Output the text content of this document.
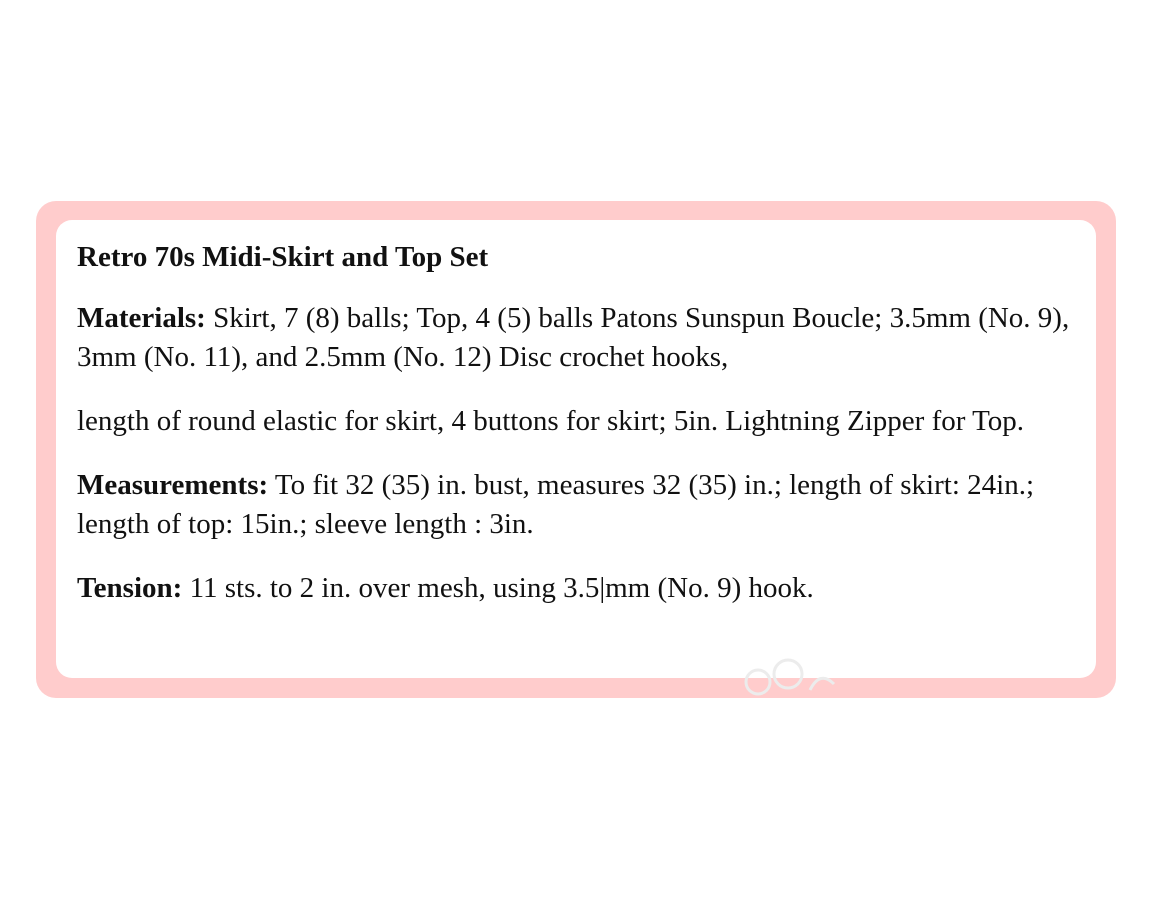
Retro 70s Midi-Skirt and Top Set

Materials: Skirt, 7 (8) balls; Top, 4 (5) balls Patons Sunspun Boucle; 3.5mm (No. 9), 3mm (No. 11), and 2.5mm (No. 12) Disc crochet hooks,

length of round elastic for skirt, 4 buttons for skirt; 5in. Lightning Zipper for Top.

Measurements: To fit 32 (35) in. bust, measures 32 (35) in.; length of skirt: 24in.; length of top: 15in.; sleeve length : 3in.

Tension: 11 sts. to 2 in. over mesh, using 3.5|mm (No. 9) hook.
